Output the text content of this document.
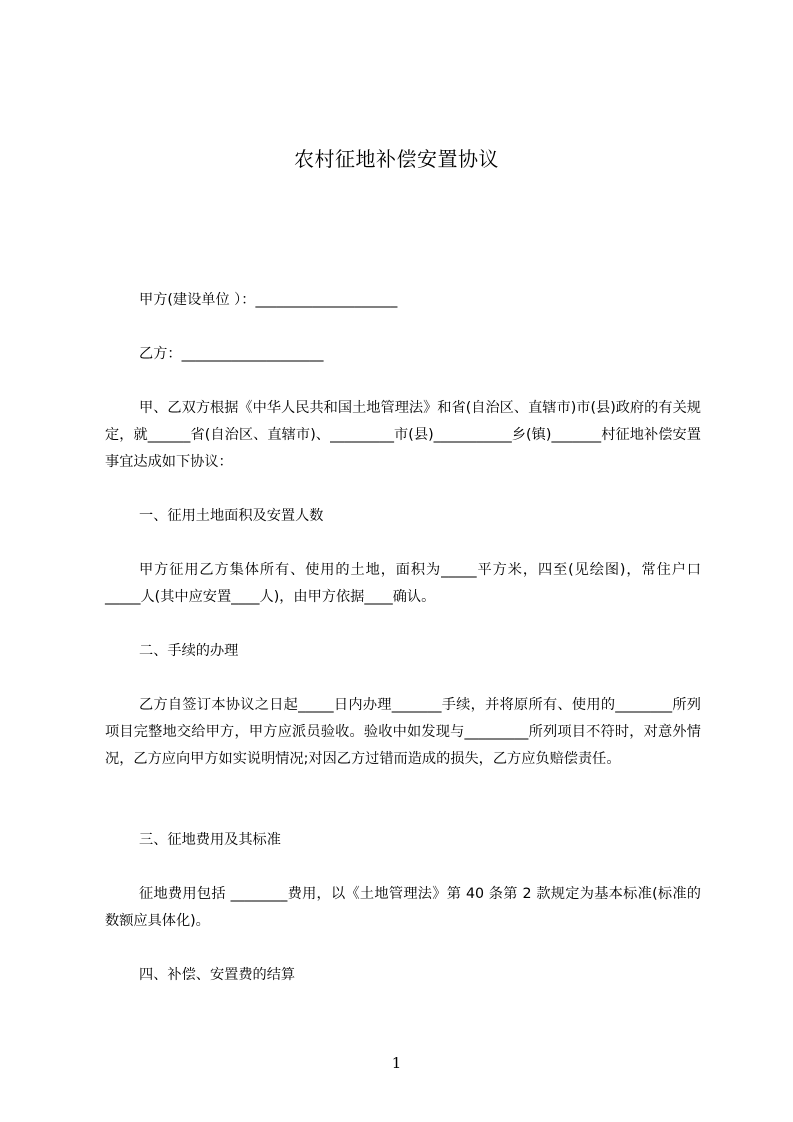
农村征地补偿安置协议

甲方(建设单位 ）：____________________

乙方：____________________

甲、乙双方根据《中华人民共和国土地管理法》和省(自治区、直辖市)市(县)政府的有关规定，就______省(自治区、直辖市)、_________市(县)___________乡(镇)_______村征地补偿安置事宜达成如下协议：

一、征用土地面积及安置人数

甲方征用乙方集体所有、使用的土地，面积为_____平方米，四至(见绘图)，常住户口_____人(其中应安置____人)，由甲方依据____确认。

二、手续的办理

乙方自签订本协议之日起_____日内办理_______手续，并将原所有、使用的________所列项目完整地交给甲方，甲方应派员验收。验收中如发现与_________所列项目不符时，对意外情况，乙方应向甲方如实说明情况;对因乙方过错而造成的损失，乙方应负赔偿责任。

三、征地费用及其标准

征地费用包括 ________费用，以《土地管理法》第 40 条第 2 款规定为基本标准(标准的数额应具体化)。

四、补偿、安置费的结算

1
